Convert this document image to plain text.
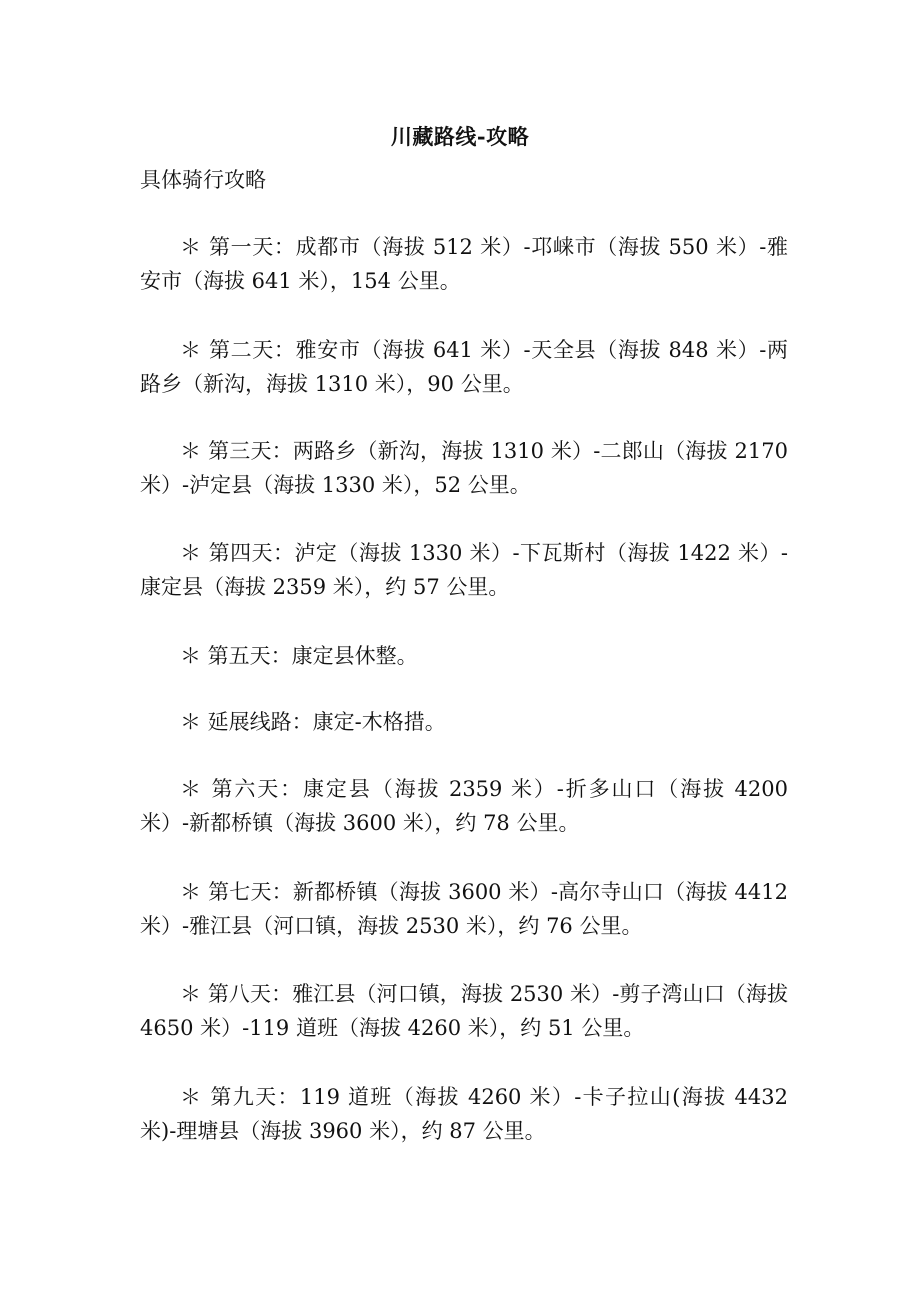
川藏路线-攻略
具体骑行攻略

＊ 第一天：成都市（海拔 512 米）-邛崃市（海拔 550 米）-雅安市（海拔 641 米），154 公里。

＊ 第二天：雅安市（海拔 641 米）-天全县（海拔 848 米）-两路乡（新沟，海拔 1310 米），90 公里。

＊ 第三天：两路乡（新沟，海拔 1310 米）-二郎山（海拔 2170 米）-泸定县（海拔 1330 米），52 公里。

＊ 第四天：泸定（海拔 1330 米）-下瓦斯村（海拔 1422 米）-康定县（海拔 2359 米），约 57 公里。

＊ 第五天：康定县休整。

＊ 延展线路：康定-木格措。

＊ 第六天：康定县（海拔 2359 米）-折多山口（海拔 4200 米）-新都桥镇（海拔 3600 米），约 78 公里。

＊ 第七天：新都桥镇（海拔 3600 米）-高尔寺山口（海拔 4412 米）-雅江县（河口镇，海拔 2530 米），约 76 公里。

＊ 第八天：雅江县（河口镇，海拔 2530 米）-剪子湾山口（海拔 4650 米）-119 道班（海拔 4260 米），约 51 公里。

＊ 第九天：119 道班（海拔 4260 米）-卡子拉山(海拔 4432 米)-理塘县（海拔 3960 米），约 87 公里。
